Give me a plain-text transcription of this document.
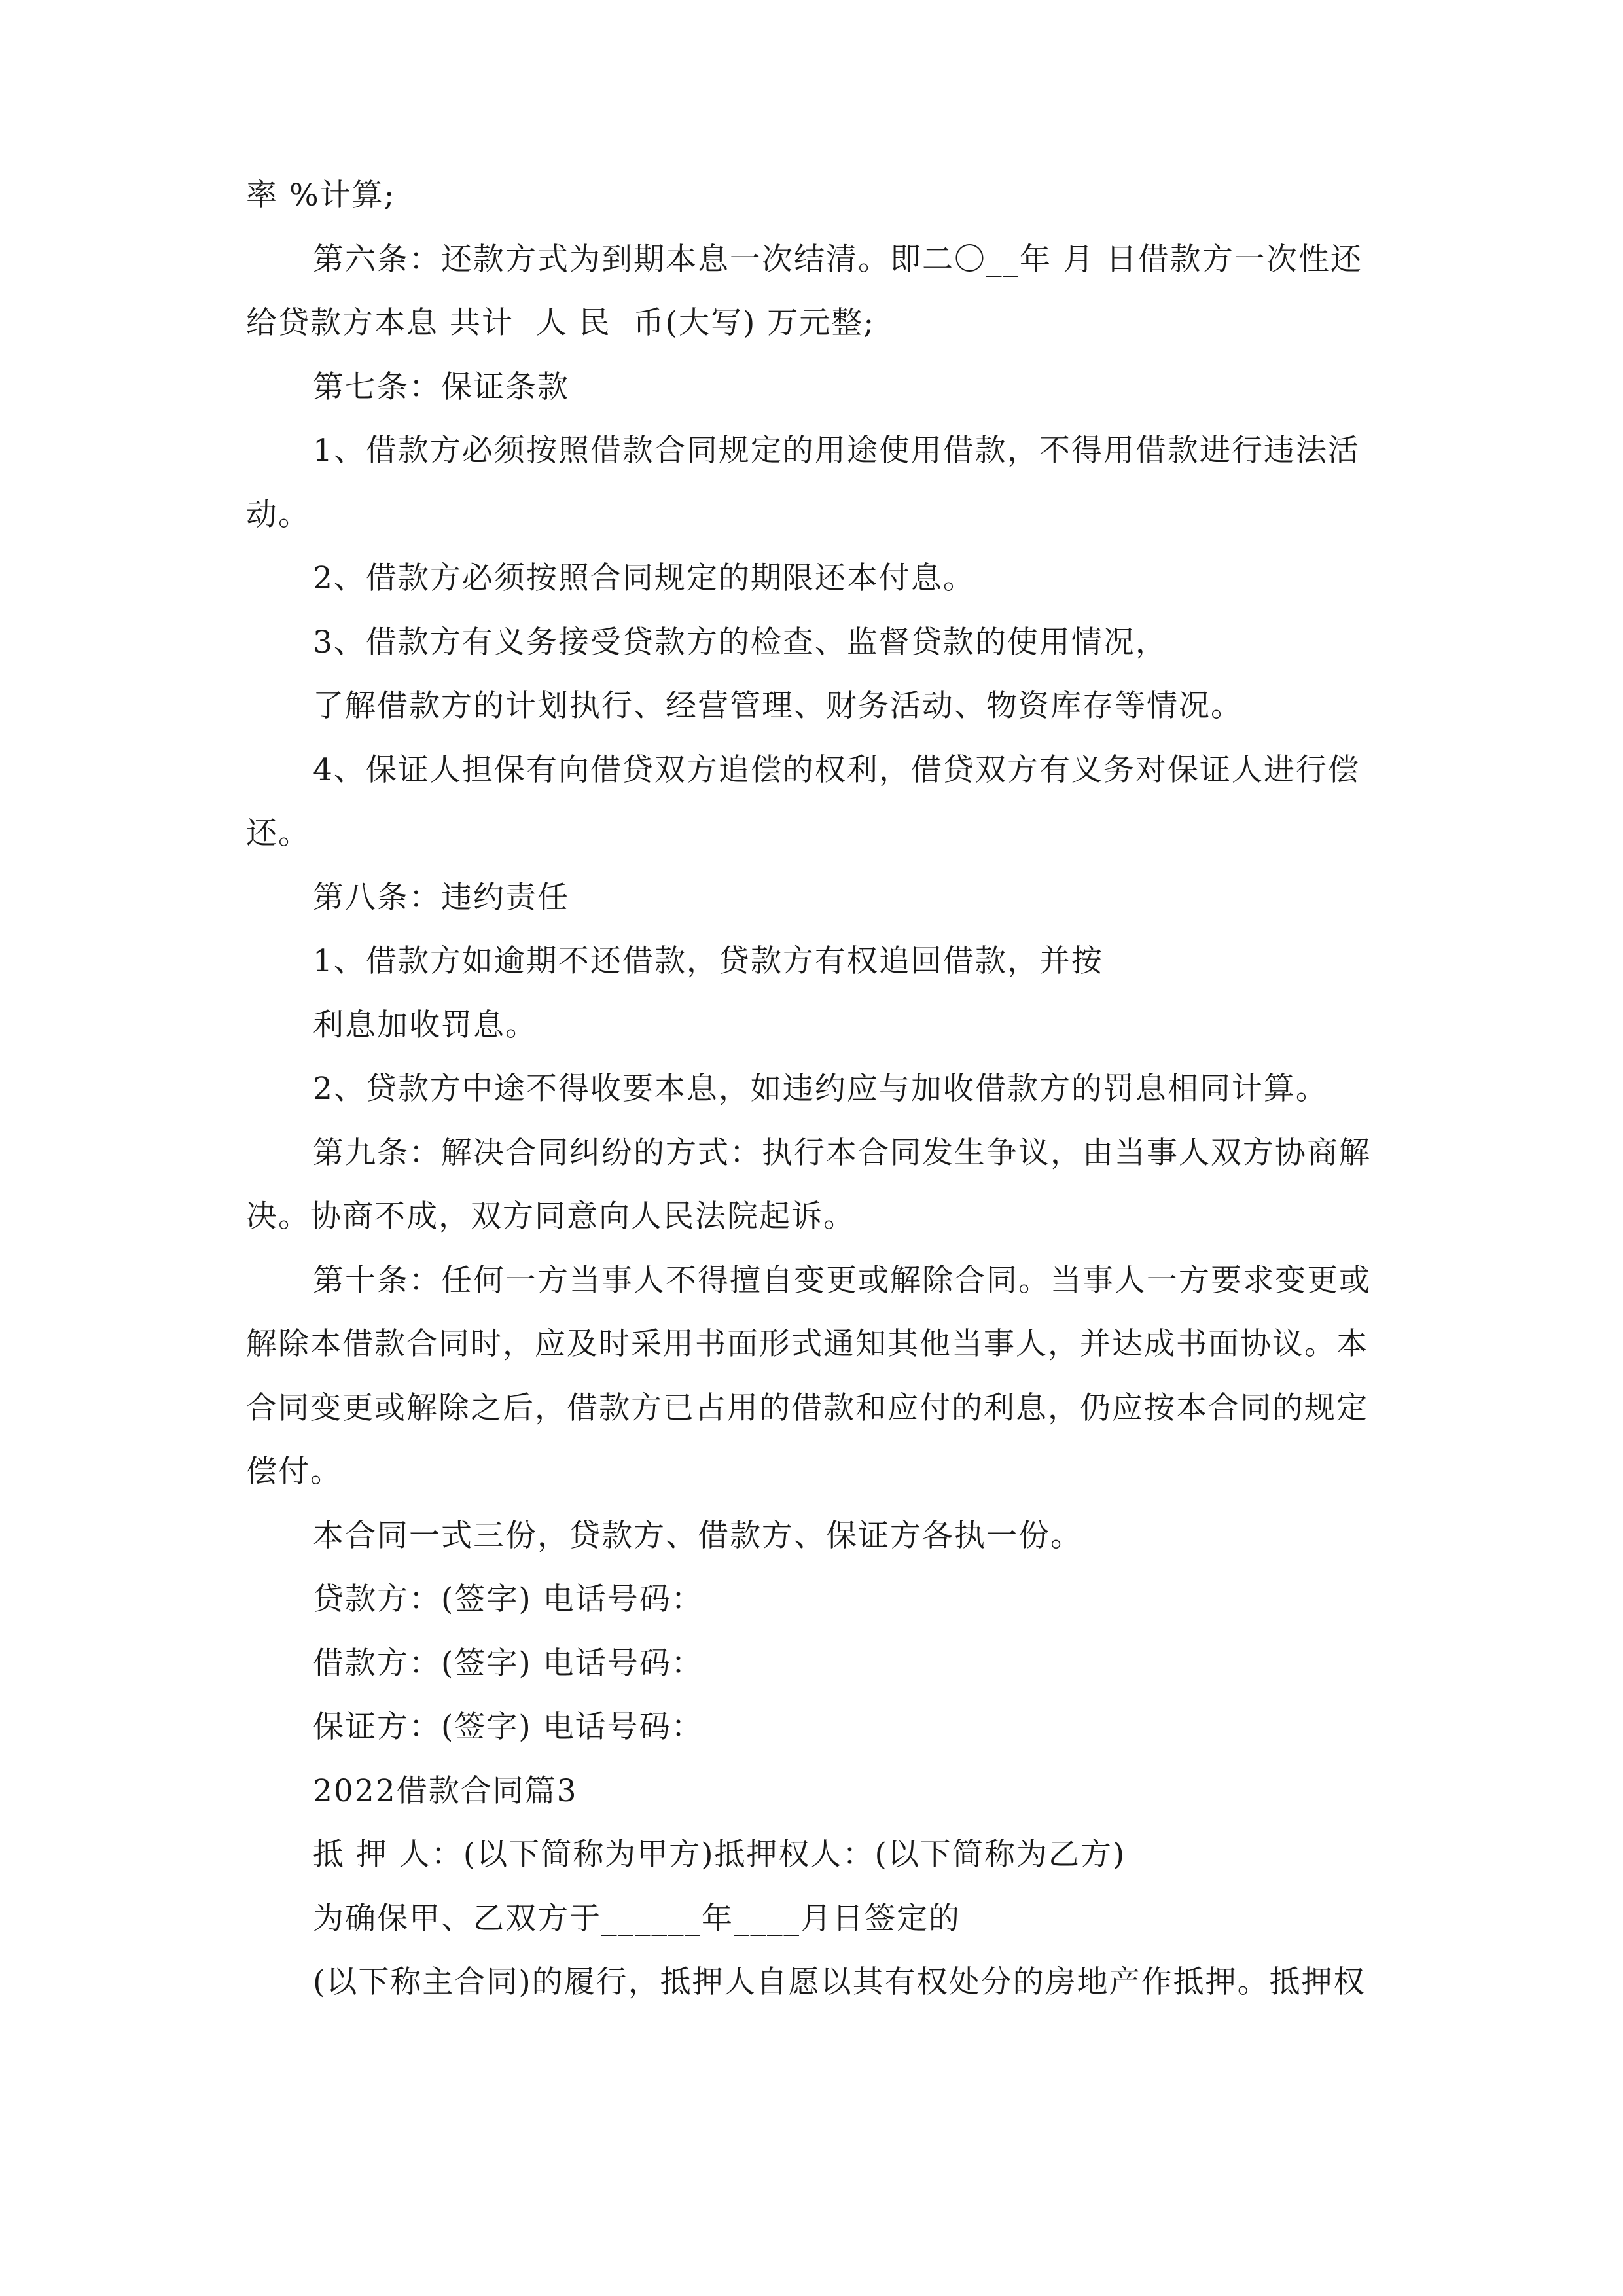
率 %计算;
第六条：还款方式为到期本息一次结清。即二〇__年 月 日借款方一次性还
给贷款方本息 共计  人 民  币(大写) 万元整;
第七条：保证条款
1、借款方必须按照借款合同规定的用途使用借款，不得用借款进行违法活
动。
2、借款方必须按照合同规定的期限还本付息。
3、借款方有义务接受贷款方的检查、监督贷款的使用情况，
了解借款方的计划执行、经营管理、财务活动、物资库存等情况。
4、保证人担保有向借贷双方追偿的权利，借贷双方有义务对保证人进行偿
还。
第八条：违约责任
1、借款方如逾期不还借款，贷款方有权追回借款，并按
利息加收罚息。
2、贷款方中途不得收要本息，如违约应与加收借款方的罚息相同计算。
第九条：解决合同纠纷的方式：执行本合同发生争议，由当事人双方协商解
决。协商不成，双方同意向人民法院起诉。
第十条：任何一方当事人不得擅自变更或解除合同。当事人一方要求变更或
解除本借款合同时，应及时采用书面形式通知其他当事人，并达成书面协议。本
合同变更或解除之后，借款方已占用的借款和应付的利息，仍应按本合同的规定
偿付。
本合同一式三份，贷款方、借款方、保证方各执一份。
贷款方：(签字) 电话号码：
借款方：(签字) 电话号码：
保证方：(签字) 电话号码：
2022借款合同篇3
抵 押 人：(以下简称为甲方)抵押权人：(以下简称为乙方)
为确保甲、乙双方于______年____月日签定的
(以下称主合同)的履行，抵押人自愿以其有权处分的房地产作抵押。抵押权
